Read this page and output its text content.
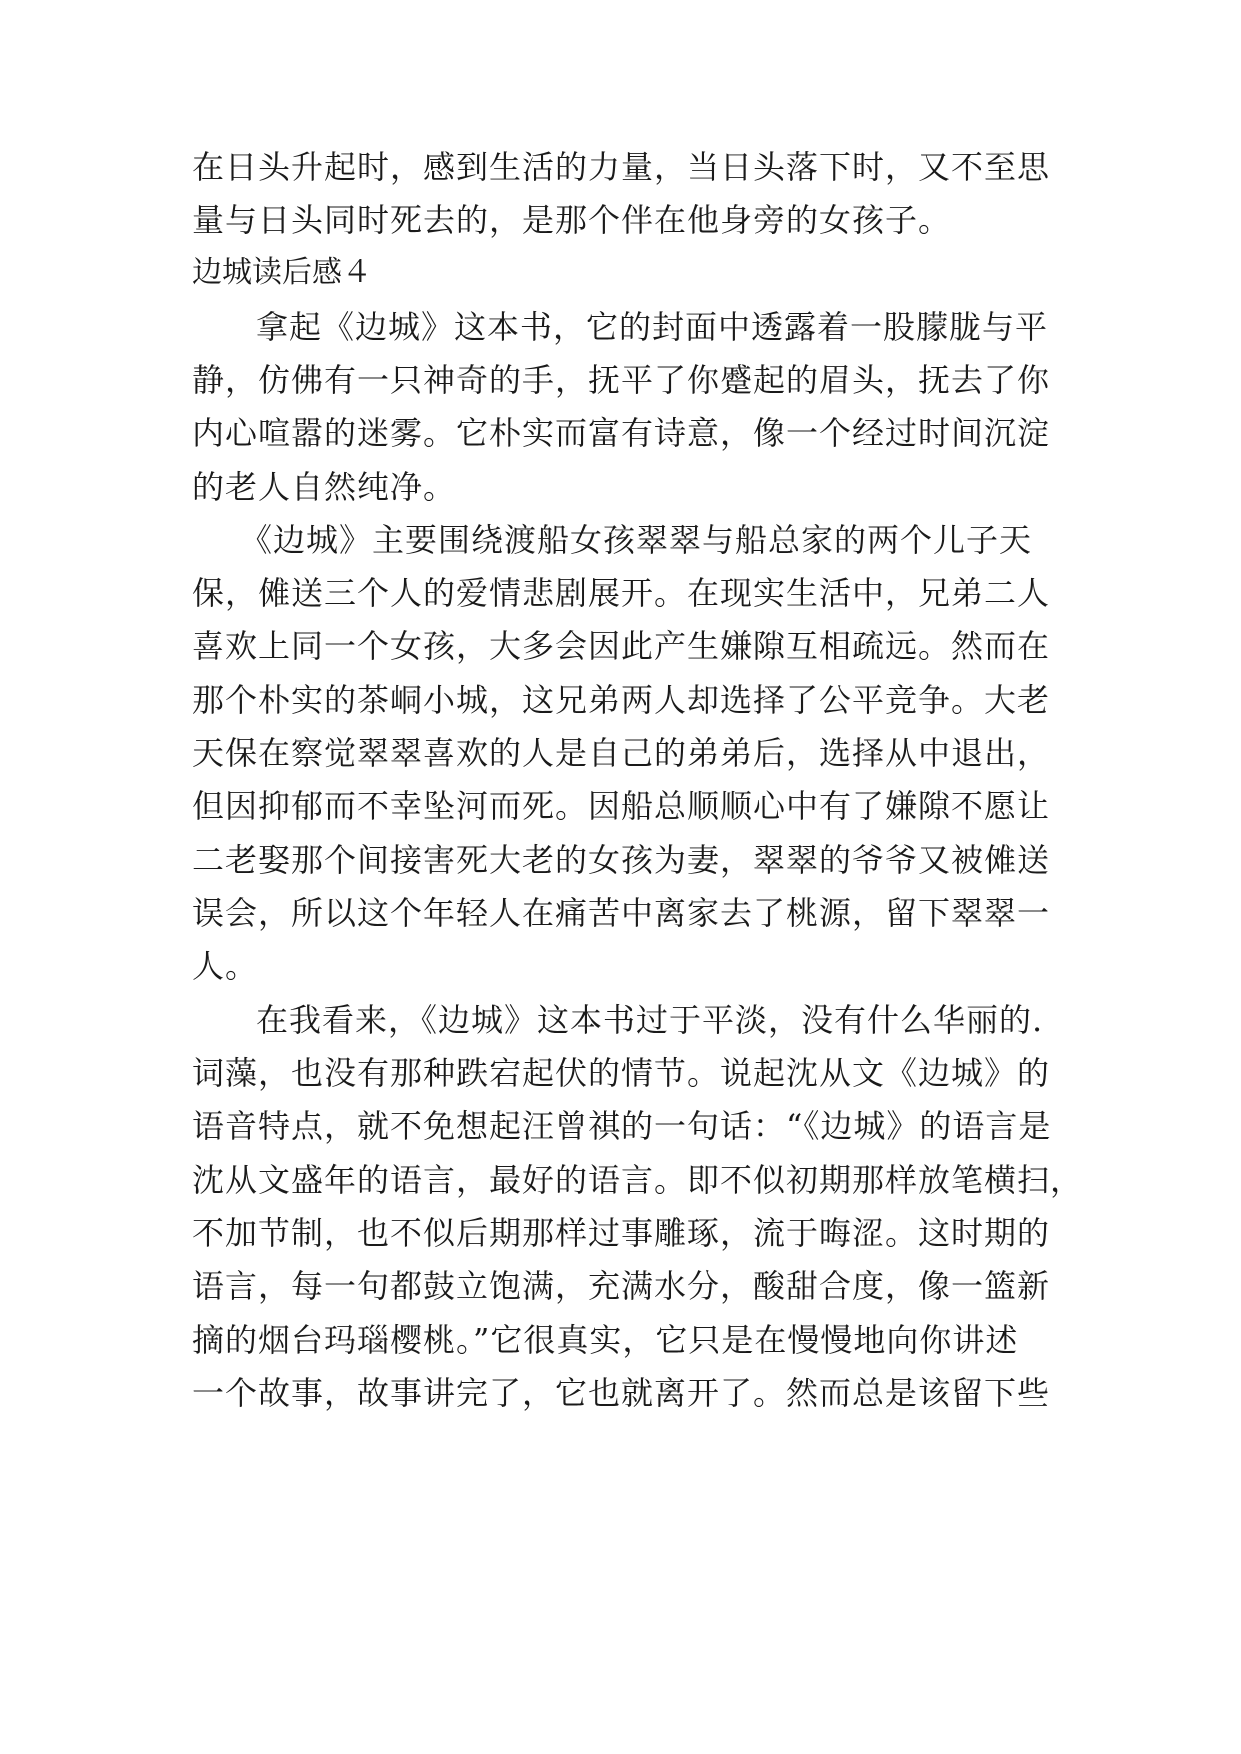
在日头升起时，感到生活的力量，当日头落下时，又不至思
量与日头同时死去的，是那个伴在他身旁的女孩子。
边城读后感４
拿起《边城》这本书，它的封面中透露着一股朦胧与平
静，仿佛有一只神奇的手，抚平了你蹙起的眉头，抚去了你
内心喧嚣的迷雾。它朴实而富有诗意，像一个经过时间沉淀
的老人自然纯净。
《边城》主要围绕渡船女孩翠翠与船总家的两个儿子天
保，傩送三个人的爱情悲剧展开。在现实生活中，兄弟二人
喜欢上同一个女孩，大多会因此产生嫌隙互相疏远。然而在
那个朴实的茶峒小城，这兄弟两人却选择了公平竞争。大老
天保在察觉翠翠喜欢的人是自己的弟弟后，选择从中退出，
但因抑郁而不幸坠河而死。因船总顺顺心中有了嫌隙不愿让
二老娶那个间接害死大老的女孩为妻，翠翠的爷爷又被傩送
误会，所以这个年轻人在痛苦中离家去了桃源，留下翠翠一
人。
在我看来，《边城》这本书过于平淡，没有什么华丽的.
词藻，也没有那种跌宕起伏的情节。说起沈从文《边城》的
语音特点，就不免想起汪曾祺的一句话：“《边城》的语言是
沈从文盛年的语言，最好的语言。即不似初期那样放笔横扫，
不加节制，也不似后期那样过事雕琢，流于晦涩。这时期的
语言，每一句都鼓立饱满，充满水分，酸甜合度，像一篮新
摘的烟台玛瑙樱桃。”它很真实，它只是在慢慢地向你讲述
一个故事，故事讲完了，它也就离开了。然而总是该留下些
